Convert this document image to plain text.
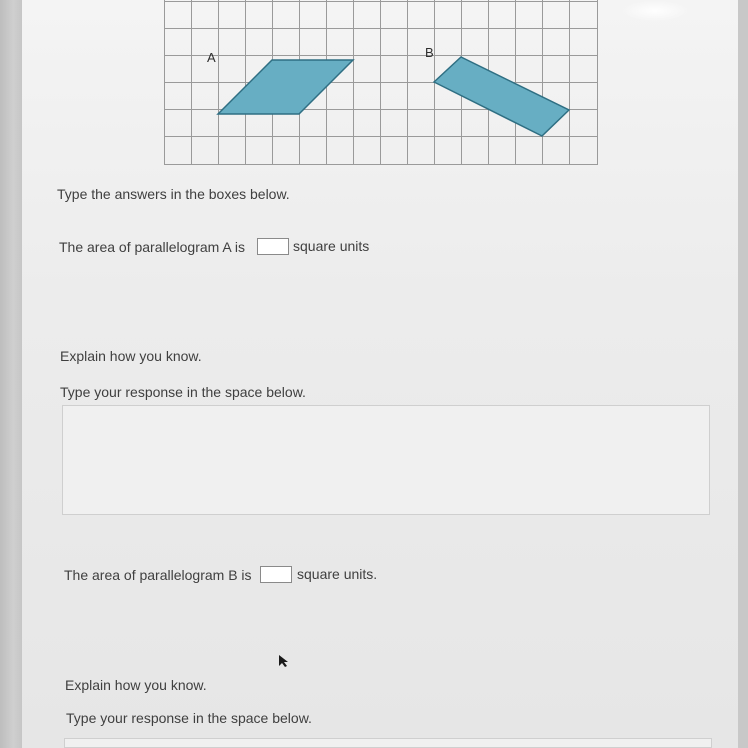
A	B
Type the answers in the boxes below.
The area of parallelogram A is	square units
Explain how you know.
Type your response in the space below.
The area of parallelogram B is	square units.
Explain how you know.
Type your response in the space below.
